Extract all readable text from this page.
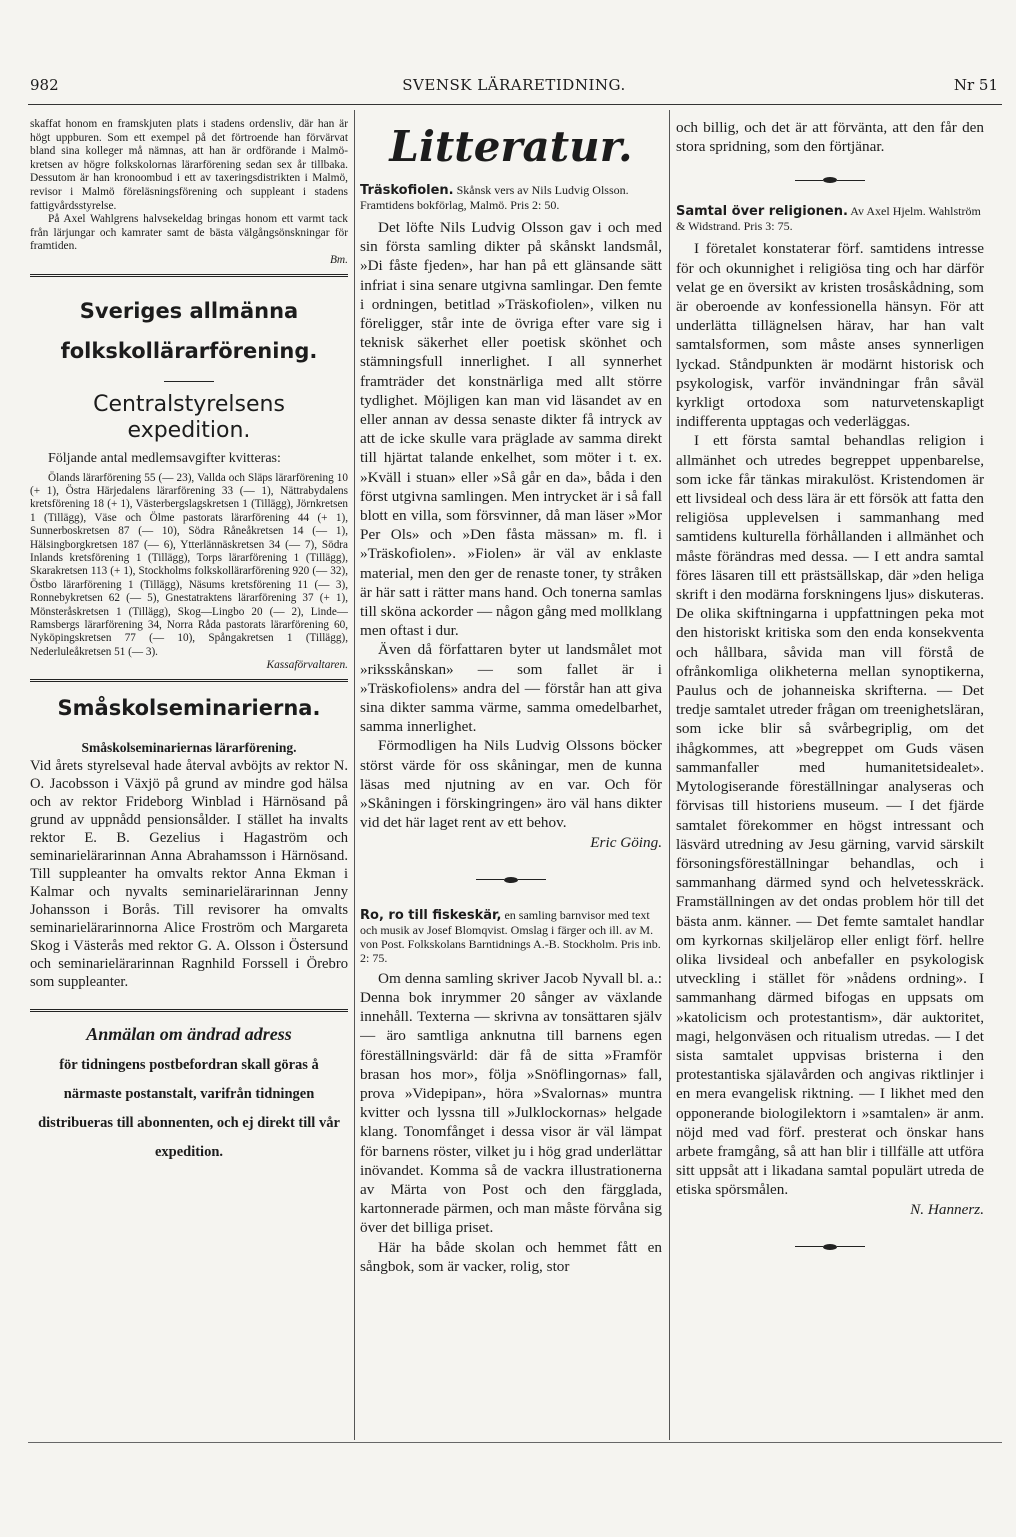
982	SVENSK LÄRARETIDNING.	Nr 51

skaffat honom en framskjuten plats i stadens ordensliv, där han är högt uppburen. Som ett exempel på det förtroende han förvärvat bland sina kolleger må nämnas, att han är ordförande i Malmö-kretsen av högre folkskolornas lärarförening sedan sex år tillbaka. Dessutom är han kronoombud i ett av taxeringsdistrikten i Malmö, revisor i Malmö föreläsningsförening och suppleant i stadens fattigvårdsstyrelse.

På Axel Wahlgrens halvsekeldag bringas honom ett varmt tack från lärjungar och kamrater samt de bästa välgångsönskningar för framtiden.

Bm.

Sveriges allmänna folkskollärarförening.
Centralstyrelsens expedition.

Följande antal medlemsavgifter kvitteras:

Ölands lärarförening 55 (— 23), Vallda och Släps lärarförening 10 (+ 1), Östra Härjedalens lärarförening 33 (— 1), Nättrabydalens kretsförening 18 (+ 1), Västerbergslagskretsen 1 (Tillägg), Jörnkretsen 1 (Tillägg), Väse och Ölme pastorats lärarförening 44 (+ 1), Sunnerboskretsen 87 (— 10), Södra Råneåkretsen 14 (— 1), Hälsingborgkretsen 187 (— 6), Ytterlännäskretsen 34 (— 7), Södra Inlands kretsförening 1 (Tillägg), Torps lärarförening 1 (Tillägg), Skarakretsen 113 (+ 1), Stockholms folkskollärarförening 920 (— 32), Östbo lärarförening 1 (Tillägg), Näsums kretsförening 11 (— 3), Ronnebykretsen 62 (— 5), Gnestatraktens lärarförening 37 (+ 1), Mönsteråskretsen 1 (Tillägg), Skog—Lingbo 20 (— 2), Linde—Ramsbergs lärarförening 34, Norra Råda pastorats lärarförening 60, Nyköpingskretsen 77 (— 10), Spångakretsen 1 (Tillägg), Nederluleåkretsen 51 (— 3).

Kassaförvaltaren.

Småskolseminarierna.

Småskolseminariernas lärarförening.

Vid årets styrelseval hade återval avböjts av rektor N. O. Jacobsson i Växjö på grund av mindre god hälsa och av rektor Frideborg Winblad i Härnösand på grund av uppnådd pensionsålder. I stället ha invalts rektor E. B. Gezelius i Hagaström och seminarielärarinnan Anna Abrahamsson i Härnösand. Till suppleanter ha omvalts rektor Anna Ekman i Kalmar och nyvalts seminarielärarinnan Jenny Johansson i Borås. Till revisorer ha omvalts seminarielärarinnorna Alice Froström och Margareta Skog i Västerås med rektor G. A. Olsson i Östersund och seminarielärarinnan Ragnhild Forssell i Örebro som suppleanter.

Anmälan om ändrad adress
för tidningens postbefordran skall göras å närmaste postanstalt, varifrån tidningen distribueras till abonnenten, och ej direkt till vår expedition.
Litteratur.

Träskofiolen. Skånsk vers av Nils Ludvig Olsson. Framtidens bokförlag, Malmö. Pris 2: 50.

Det löfte Nils Ludvig Olsson gav i och med sin första samling dikter på skånskt landsmål, »Di fåste fjeden», har han på ett glänsande sätt infriat i sina senare utgivna samlingar. Den femte i ordningen, betitlad »Träskofiolen», vilken nu föreligger, står inte de övriga efter vare sig i teknisk säkerhet eller poetisk skönhet och stämningsfull innerlighet. I all synnerhet framträder det konstnärliga med allt större tydlighet. Möjligen kan man vid läsandet av en eller annan av dessa senaste dikter få intryck av att de icke skulle vara präglade av samma direkt till hjärtat talande enkelhet, som möter i t. ex. »Kväll i stuan» eller »Så går en da», båda i den först utgivna samlingen. Men intrycket är i så fall blott en villa, som försvinner, då man läser »Mor Per Ols» och »Den fåsta mässan» m. fl. i »Träskofiolen». »Fiolen» är väl av enklaste material, men den ger de renaste toner, ty stråken är här satt i rätter mans hand. Och tonerna samlas till sköna ackorder — någon gång med mollklang men oftast i dur.

Även då författaren byter ut landsmålet mot »riksskånskan» — som fallet är i »Träskofiolens» andra del — förstår han att giva sina dikter samma värme, samma omedelbarhet, samma innerlighet.

Förmodligen ha Nils Ludvig Olssons böcker störst värde för oss skåningar, men de kunna läsas med njutning av en var. Och för »Skåningen i förskingringen» äro väl hans dikter vid det här laget rent av ett behov.

Eric Göing.

Ro, ro till fiskeskär, en samling barnvisor med text och musik av Josef Blomqvist. Omslag i färger och ill. av M. von Post. Folkskolans Barntidnings A.-B. Stockholm. Pris inb. 2: 75.

Om denna samling skriver Jacob Nyvall bl. a.: Denna bok inrymmer 20 sånger av växlande innehåll. Texterna — skrivna av tonsättaren själv — äro samtliga anknutna till barnens egen föreställningsvärld: där få de sitta »Framför brasan hos mor», följa »Snöflingornas» fall, prova »Videpipan», höra »Svalornas» muntra kvitter och lyssna till »Julklockornas» helgade klang. Tonomfånget i dessa visor är väl lämpat för barnens röster, vilket ju i hög grad underlättar inövandet. Komma så de vackra illustrationerna av Märta von Post och den färgglada, kartonnerade pärmen, och man måste förvåna sig över det billiga priset.

Här ha både skolan och hemmet fått en sångbok, som är vacker, rolig, stor

och billig, och det är att förvänta, att den får den stora spridning, som den förtjänar.

Samtal över religionen. Av Axel Hjelm. Wahlström & Widstrand. Pris 3: 75.

I företalet konstaterar förf. samtidens intresse för och okunnighet i religiösa ting och har därför velat ge en översikt av kristen trosåskådning, som är oberoende av konfessionella hänsyn. För att underlätta tillägnelsen härav, har han valt samtalsformen, som måste anses synnerligen lyckad. Ståndpunkten är modärnt historisk och psykologisk, varför invändningar från såväl kyrkligt ortodoxa som naturvetenskapligt indifferenta upptagas och vederläggas.

I ett första samtal behandlas religion i allmänhet och utredes begreppet uppenbarelse, som icke får tänkas mirakulöst. Kristendomen är ett livsideal och dess lära är ett försök att fatta den religiösa upplevelsen i sammanhang med samtidens kulturella förhållanden i allmänhet och måste förändras med dessa. — I ett andra samtal föres läsaren till ett prästsällskap, där »den heliga skrift i den modärna forskningens ljus» diskuteras. De olika skiftningarna i uppfattningen peka mot den historiskt kritiska som den enda konsekventa och hållbara, såvida man vill förstå de ofrånkomliga olikheterna mellan synoptikerna, Paulus och de johanneiska skrifterna. — Det tredje samtalet utreder frågan om treenighetsläran, som icke blir så svårbegriplig, om det ihågkommes, att »begreppet om Guds väsen sammanfaller med humanitetsidealet». Mytologiserande föreställningar analyseras och förvisas till historiens museum. — I det fjärde samtalet förekommer en högst intressant och läsvärd utredning av Jesu gärning, varvid särskilt försoningsföreställningar behandlas, och i sammanhang därmed synd och helvetesskräck. Framställningen av det ondas problem hör till det bästa anm. känner. — Det femte samtalet handlar om kyrkornas skiljelärор eller enligt förf. hellre olika livsideal och anbefaller en psykologisk utveckling i stället för »nådens ordning». I sammanhang därmed bifogas en uppsats om »katolicism och protestantism», där auktoritet, magi, helgonväsen och ritualism utredas. — I det sista samtalet uppvisas bristerna i den protestantiska själavården och angivas riktlinjer i en mera evangelisk riktning. — I likhet med den opponerande biologilektorn i »samtalen» är anm. nöjd med vad förf. presterat och önskar hans arbete framgång, så att han blir i tillfälle att utföra sitt uppsåt att i likadana samtal populärt utreda de etiska spörsmålen.

N. Hannerz.
